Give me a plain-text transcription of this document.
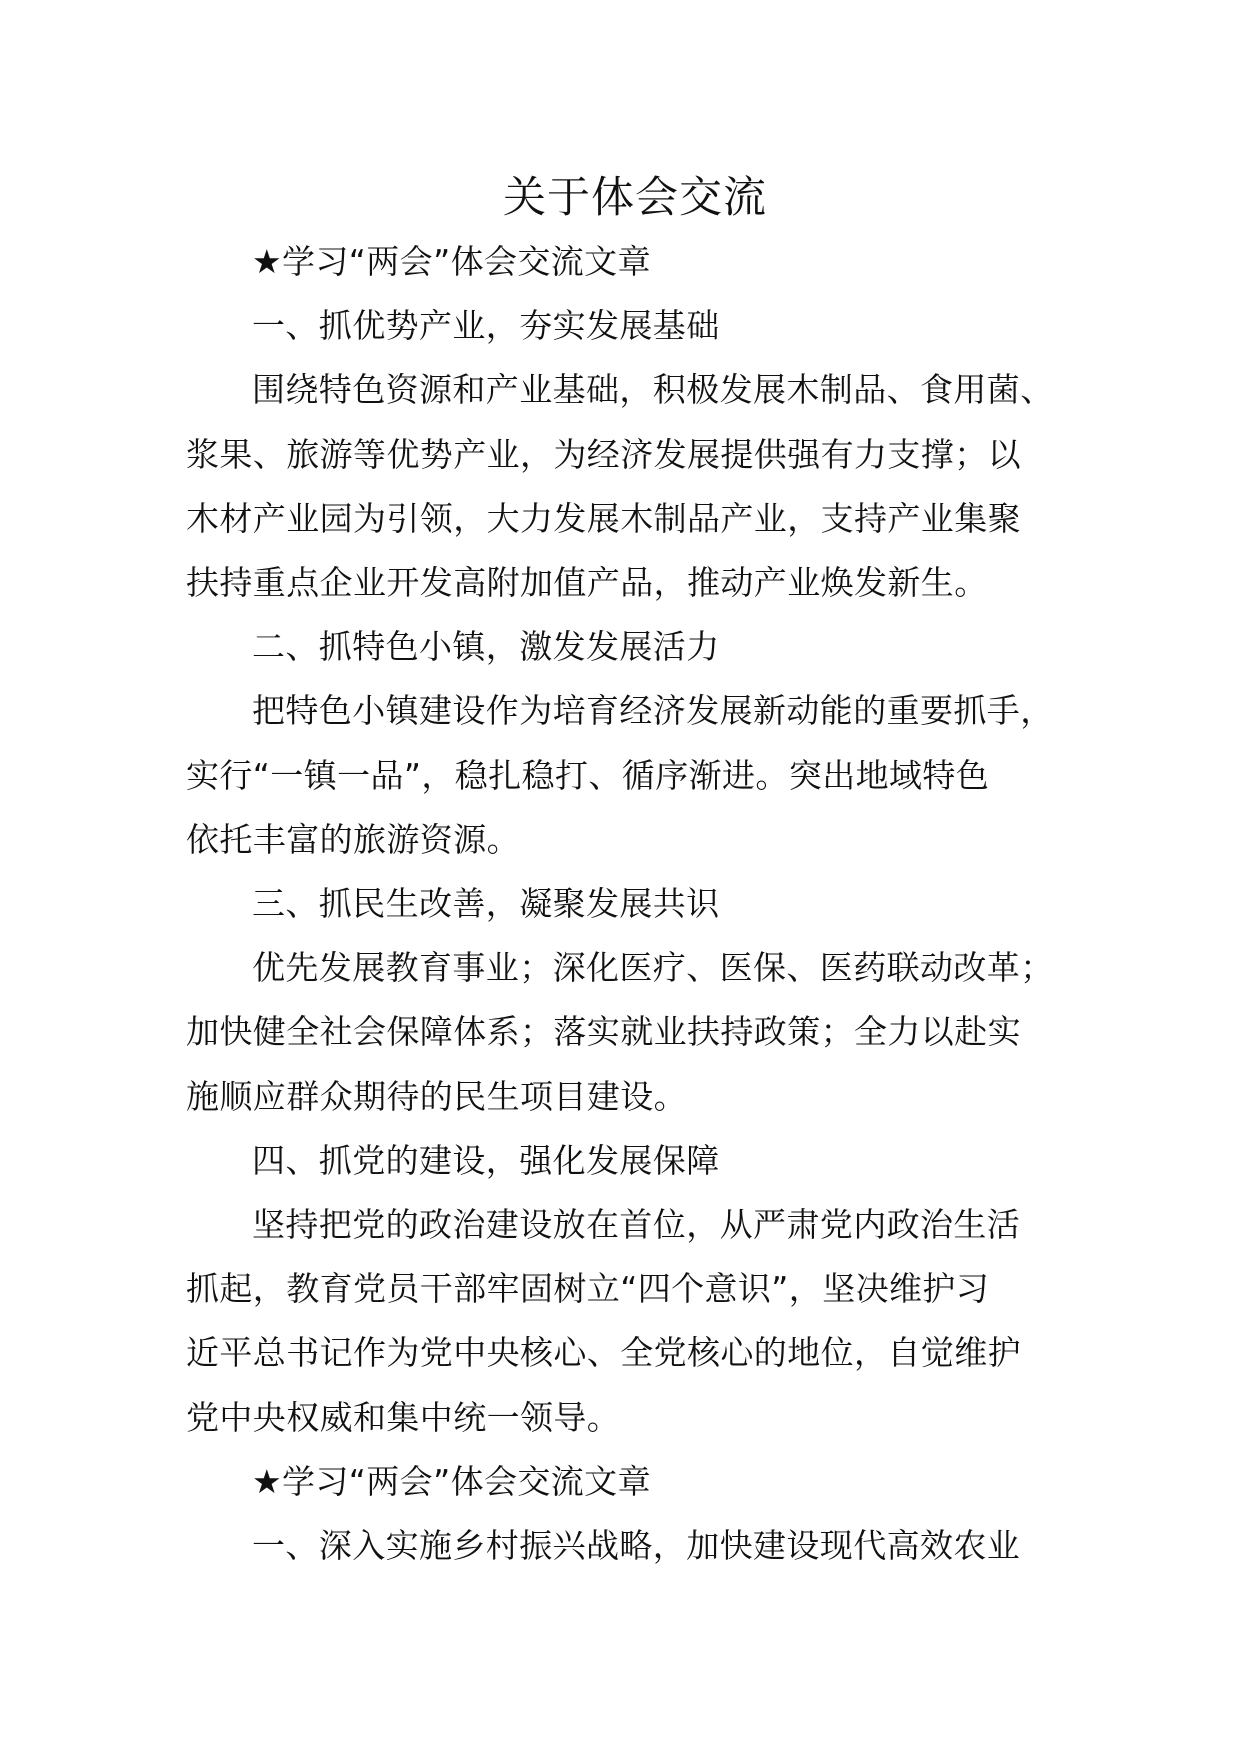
关于体会交流

★学习“两会”体会交流文章

一、抓优势产业，夯实发展基础

围绕特色资源和产业基础，积极发展木制品、食用菌、

浆果、旅游等优势产业，为经济发展提供强有力支撑；以

木材产业园为引领，大力发展木制品产业，支持产业集聚

扶持重点企业开发高附加值产品，推动产业焕发新生。

二、抓特色小镇，激发发展活力

把特色小镇建设作为培育经济发展新动能的重要抓手，

实行“一镇一品”，稳扎稳打、循序渐进。突出地域特色

依托丰富的旅游资源。

三、抓民生改善，凝聚发展共识

优先发展教育事业；深化医疗、医保、医药联动改革；

加快健全社会保障体系；落实就业扶持政策；全力以赴实

施顺应群众期待的民生项目建设。

四、抓党的建设，强化发展保障

坚持把党的政治建设放在首位，从严肃党内政治生活

抓起，教育党员干部牢固树立“四个意识”，坚决维护习

近平总书记作为党中央核心、全党核心的地位，自觉维护

党中央权威和集中统一领导。

★学习“两会”体会交流文章

一、深入实施乡村振兴战略，加快建设现代高效农业
